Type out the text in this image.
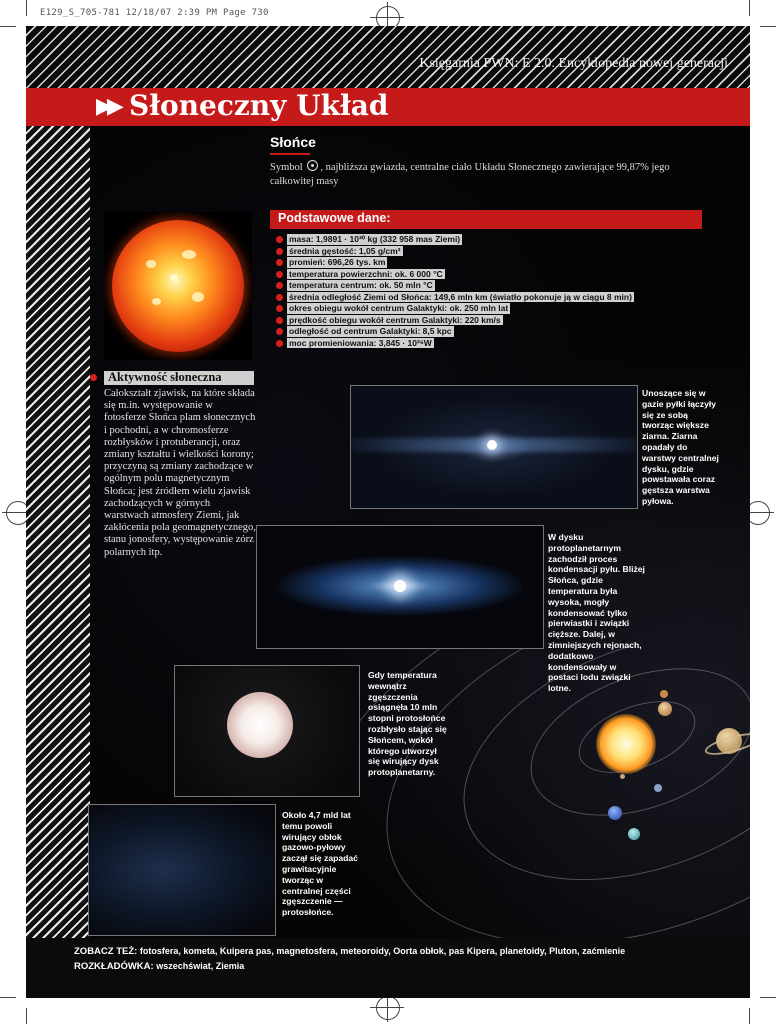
E129_S_705-781 12/18/07 2:39 PM Page 730
Księgarnia PWN: E 2.0. Encyklopedia nowej generacji
▶▶ Słoneczny Układ
Słońce
Symbol , najbliższa gwiazda, centralne ciało Układu Słonecznego zawierające 99,87% jego całkowitej masy
Podstawowe dane:
masa: 1,9891 · 10³⁰ kg (332 958 mas Ziemi)
średnia gęstość: 1,05 g/cm³
promień: 696,26 tys. km
temperatura powierzchni: ok. 6 000 °C
temperatura centrum: ok. 50 mln °C
średnia odległość Ziemi od Słońca: 149,6 mln km (światło pokonuje ją w ciągu 8 min)
okres obiegu wokół centrum Galaktyki: ok. 250 mln lat
prędkość obiegu wokół centrum Galaktyki: 220 km/s
odległość od centrum Galaktyki: 8,5 kpc
moc promieniowania: 3,845 · 10²⁶W
Aktywność słoneczna
Całokształt zjawisk, na które składa się m.in. występowanie w fotosferze Słońca plam słonecznych i pochodni, a w chromosferze rozbłysków i protuberancji, oraz zmiany kształtu i wielkości korony; przyczyną są zmiany zachodzące w ogólnym polu magnetycznym Słońca; jest źródłem wielu zjawisk zachodzących w górnych warstwach atmosfery Ziemi, jak zakłócenia pola geomagnetycznego, stanu jonosfery, występowanie zórz polarnych itp.
Unoszące się w gazie pyłki łączyły się ze sobą tworząc większe ziarna. Ziarna opadały do warstwy centralnej dysku, gdzie powstawała coraz gęstsza warstwa pyłowa.
W dysku protoplanetarnym zachodził proces kondensacji pyłu. Bliżej Słońca, gdzie temperatura była wysoka, mogły kondensować tylko pierwiastki i związki cięższe. Dalej, w zimniejszych rejonach, dodatkowo kondensowały w postaci lodu związki lotne.
Gdy temperatura wewnątrz zgęszczenia osiągnęła 10 mln stopni protosłońce rozbłysło stając się Słońcem, wokół którego utworzył się wirujący dysk protoplanetarny.
Około 4,7 mld lat temu powoli wirujący obłok gazowo-pyłowy zaczął się zapadać grawitacyjnie tworząc w centralnej części zgęszczenie — protosłońce.
ZOBACZ TEŻ: fotosfera, kometa, Kuipera pas, magnetosfera, meteoroidy, Oorta obłok, pas Kipera, planetoidy, Pluton, zaćmienie
ROZKŁADÓWKA: wszechświat, Ziemia
